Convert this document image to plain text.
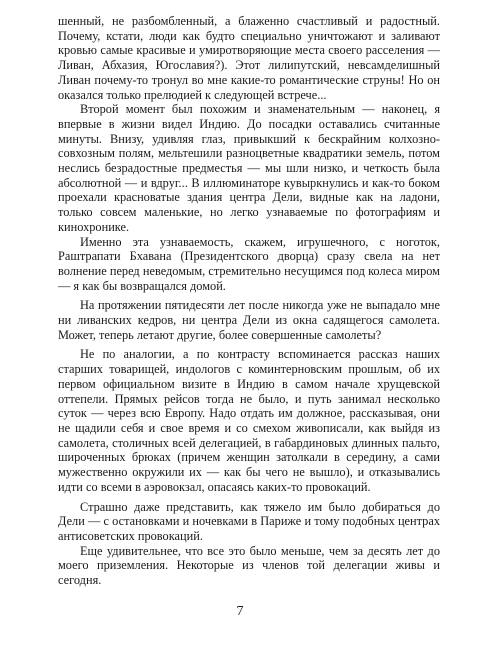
шенный, не разбомбленный, а блаженно счастливый и радостный. Почему, кстати, люди как будто специально уничтожают и заливают кровью самые красивые и умиротворяющие места своего расселения — Ливан, Абхазия, Югославия?). Этот лилипутский, невсамделишный Ливан почему-то тронул во мне какие-то романтические струны! Но он оказался только прелюдией к следующей встрече...

Второй момент был похожим и знаменательным — наконец, я впервые в жизни видел Индию. До посадки оставались считанные минуты. Внизу, удивляя глаз, привыкший к бескрайним колхозно-совхозным полям, мельтешили разноцветные квадратики земель, потом неслись безрадостные предместья — мы шли низко, и четкость была абсолютной — и вдруг... В иллюминаторе кувыркнулись и как-то боком проехали красноватые здания центра Дели, видные как на ладони, только совсем маленькие, но легко узнаваемые по фотографиям и кинохронике.

Именно эта узнаваемость, скажем, игрушечного, с ноготок, Раштрапати Бхавана (Президентского дворца) сразу свела на нет волнение перед неведомым, стремительно несущимся под колеса миром — я как бы возвращался домой.

На протяжении пятидесяти лет после никогда уже не выпадало мне ни ливанских кедров, ни центра Дели из окна садящегося самолета. Может, теперь летают другие, более совершенные самолеты?

Не по аналогии, а по контрасту вспоминается рассказ наших старших товарищей, индологов с коминтерновским прошлым, об их первом официальном визите в Индию в самом начале хрущевской оттепели. Прямых рейсов тогда не было, и путь занимал несколько суток — через всю Европу. Надо отдать им должное, рассказывая, они не щадили себя и свое время и со смехом живописали, как выйдя из самолета, столичных всей делегацией, в габардиновых длинных пальто, широченных брюках (причем женщин затолкали в середину, а сами мужественно окружили их — как бы чего не вышло), и отказывались идти со всеми в аэровокзал, опасаясь каких-то провокаций.

Страшно даже представить, как тяжело им было добираться до Дели — с остановками и ночевками в Париже и тому подобных центрах антисоветских провокаций.

Еще удивительнее, что все это было меньше, чем за десять лет до моего приземления. Некоторые из членов той делегации живы и сегодня.

7
